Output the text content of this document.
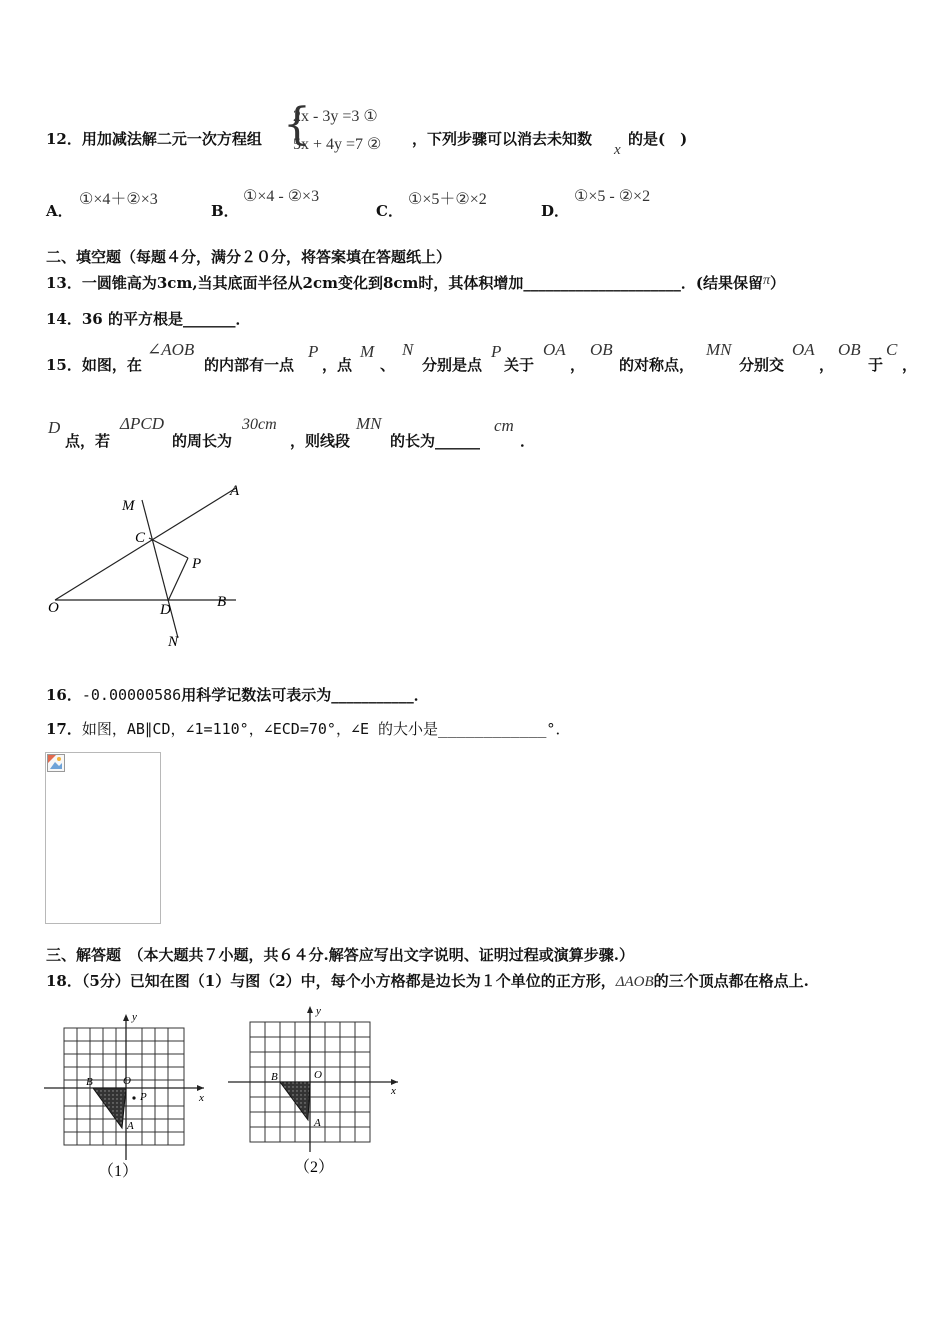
12．用加减法解二元一次方程组 {
2x - 3y =3 ①
5x + 4y =7 ② ，下列步骤可以消去未知数
x
的是(　)
A．
①×4＋②×3
B．
①×4 - ②×3
C．
①×5＋②×2
D．
①×5 - ②×2
二、填空题（每题４分，满分２０分，将答案填在答题纸上）
13．一圆锥高为3cm,当其底面半径从2cm变化到8cm时，其体积增加_____________________．(结果保留π）
14．36 的平方根是_______．
15．如图，在
∠AOB
的内部有一点
P
，点
M
、
N
分别是点
P
关于
OA
，
OB
的对称点，
MN
分别交
OA
，
OB
于
C
，
D
点，若
ΔPCD
的周长为
30cm
，则线段
MN
的长为______
cm
．
M
A
C
P
O	D	B
N
16．-0.00000586用科学记数法可表示为___________．
17．如图，AB∥CD，∠1=110°，∠ECD=70°，∠E 的大小是____________°．
三、解答题　（本大题共７小题，共６４分.解答应写出文字说明、证明过程或演算步骤.）
18．（5分）已知在图（1）与图（2）中，每个小方格都是边长为１个单位的正方形，ΔAOB的三个顶点都在格点上.
y
x
B	O
P
A
（1）
y
x
B	O
A
（2）
